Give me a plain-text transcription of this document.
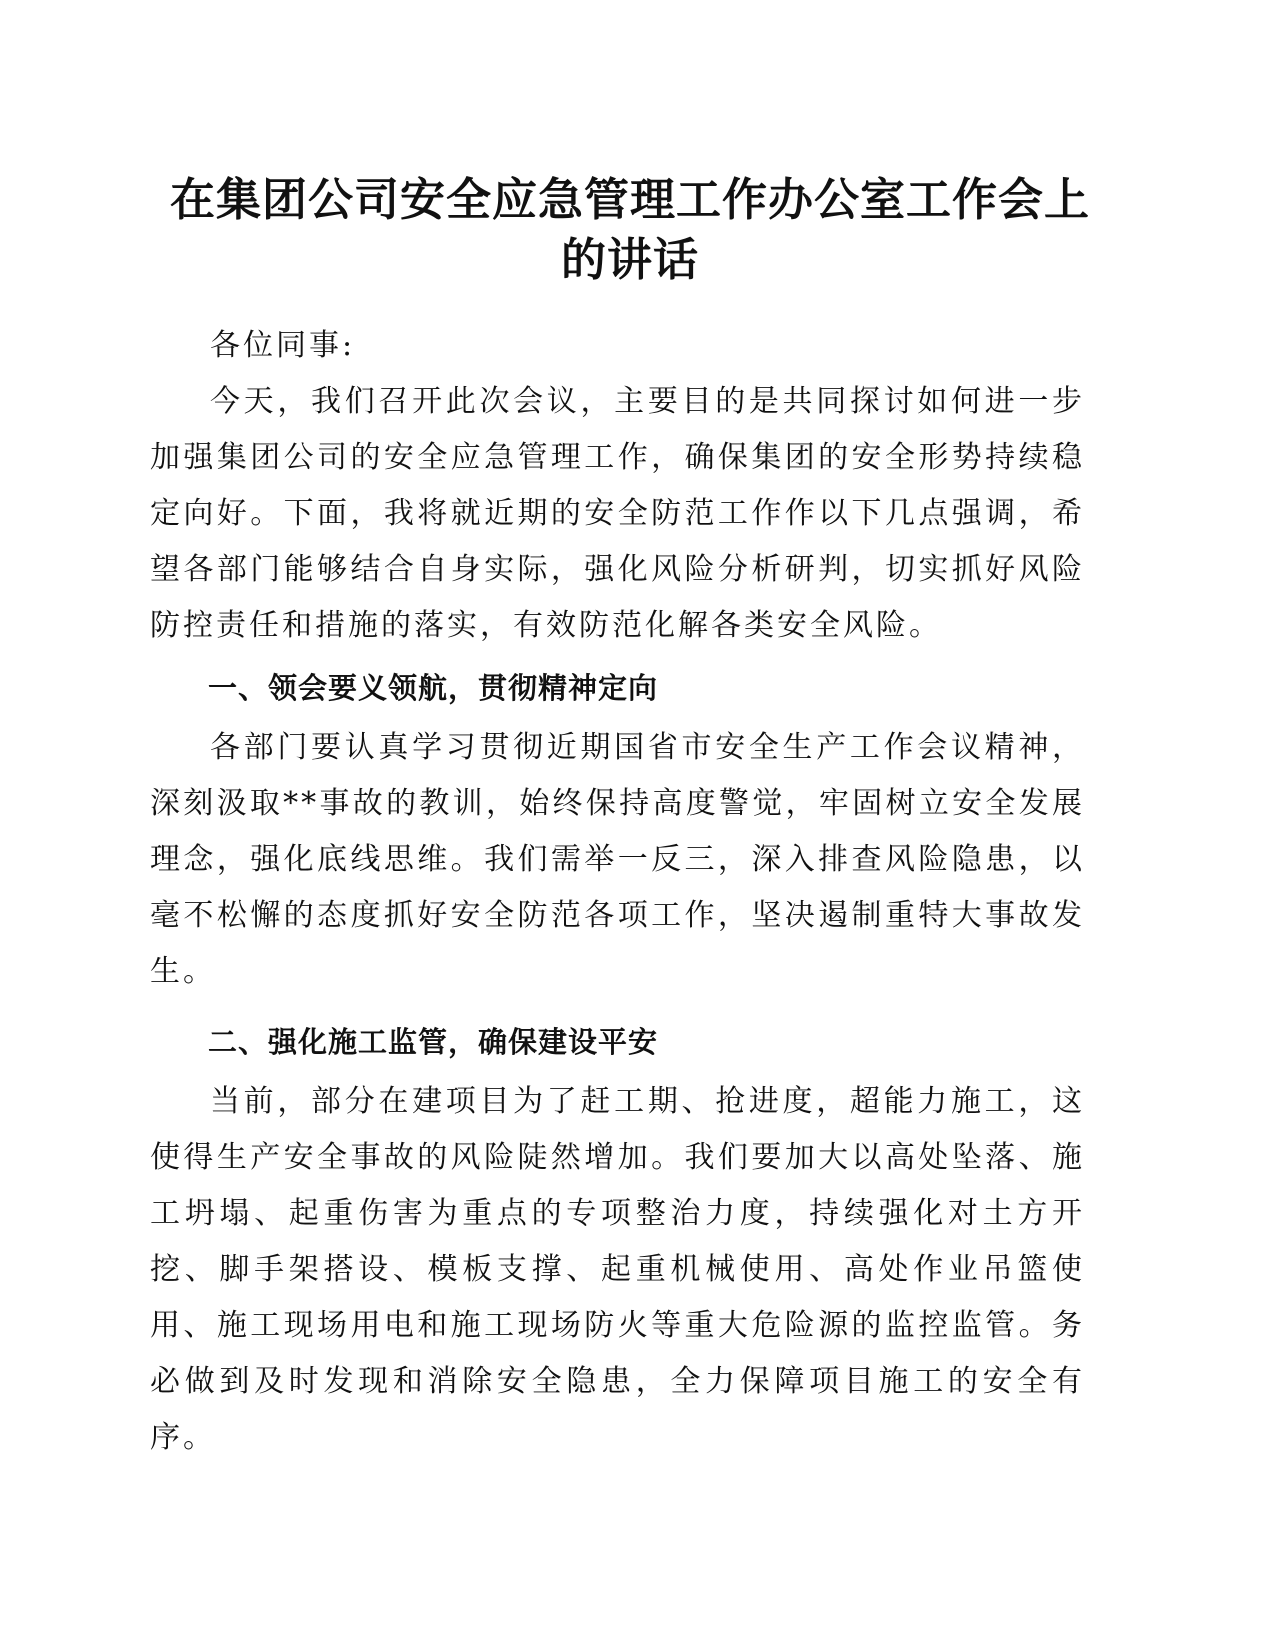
在集团公司安全应急管理工作办公室工作会上
的讲话

各位同事:

今天，我们召开此次会议，主要目的是共同探讨如何进一步加强集团公司的安全应急管理工作，确保集团的安全形势持续稳定向好。下面，我将就近期的安全防范工作作以下几点强调，希望各部门能够结合自身实际，强化风险分析研判，切实抓好风险防控责任和措施的落实，有效防范化解各类安全风险。

一、领会要义领航，贯彻精神定向

各部门要认真学习贯彻近期国省市安全生产工作会议精神，深刻汲取**事故的教训，始终保持高度警觉，牢固树立安全发展理念，强化底线思维。我们需举一反三，深入排查风险隐患，以毫不松懈的态度抓好安全防范各项工作，坚决遏制重特大事故发生。

二、强化施工监管，确保建设平安

当前，部分在建项目为了赶工期、抢进度，超能力施工，这使得生产安全事故的风险陡然增加。我们要加大以高处坠落、施工坍塌、起重伤害为重点的专项整治力度，持续强化对土方开挖、脚手架搭设、模板支撑、起重机械使用、高处作业吊篮使用、施工现场用电和施工现场防火等重大危险源的监控监管。务必做到及时发现和消除安全隐患，全力保障项目施工的安全有序。
